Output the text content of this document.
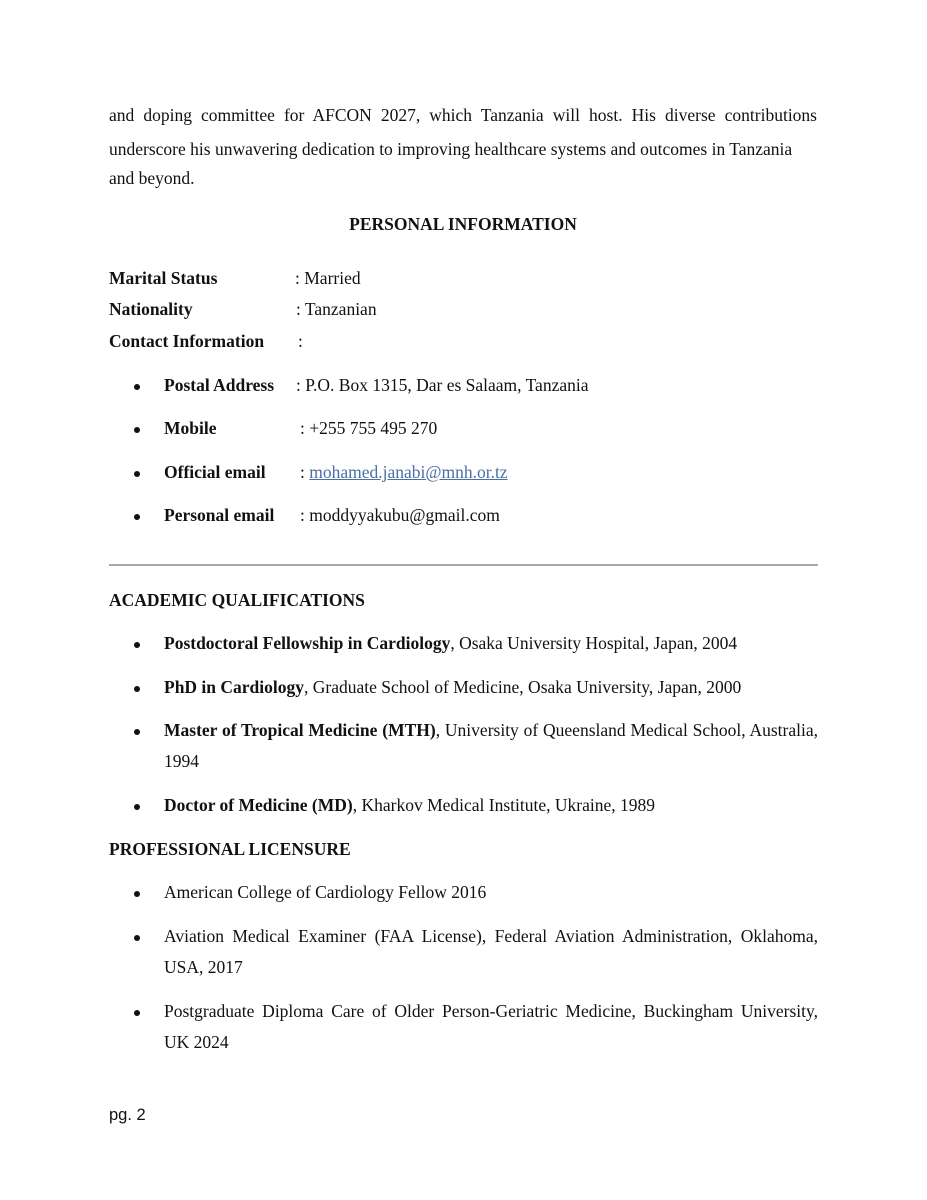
and doping committee for AFCON 2027, which Tanzania will host. His diverse contributions underscore his unwavering dedication to improving healthcare systems and outcomes in Tanzania
and beyond.

PERSONAL INFORMATION
Marital Status	: Married
Nationality	: Tanzanian
Contact Information :
Postal Address : P.O. Box 1315, Dar es Salaam, Tanzania
Mobile	: +255 755 495 270
Official email : mohamed.janabi@mnh.or.tz
Personal email : moddyyakubu@gmail.com
ACADEMIC QUALIFICATIONS
Postdoctoral Fellowship in Cardiology, Osaka University Hospital, Japan, 2004
PhD in Cardiology, Graduate School of Medicine, Osaka University, Japan, 2000
Master of Tropical Medicine (MTH), University of Queensland Medical School, Australia, 1994
Doctor of Medicine (MD), Kharkov Medical Institute, Ukraine, 1989
PROFESSIONAL LICENSURE
American College of Cardiology Fellow 2016
Aviation Medical Examiner (FAA License), Federal Aviation Administration, Oklahoma, USA, 2017
Postgraduate Diploma Care of Older Person-Geriatric Medicine, Buckingham University, UK 2024

pg. 2
